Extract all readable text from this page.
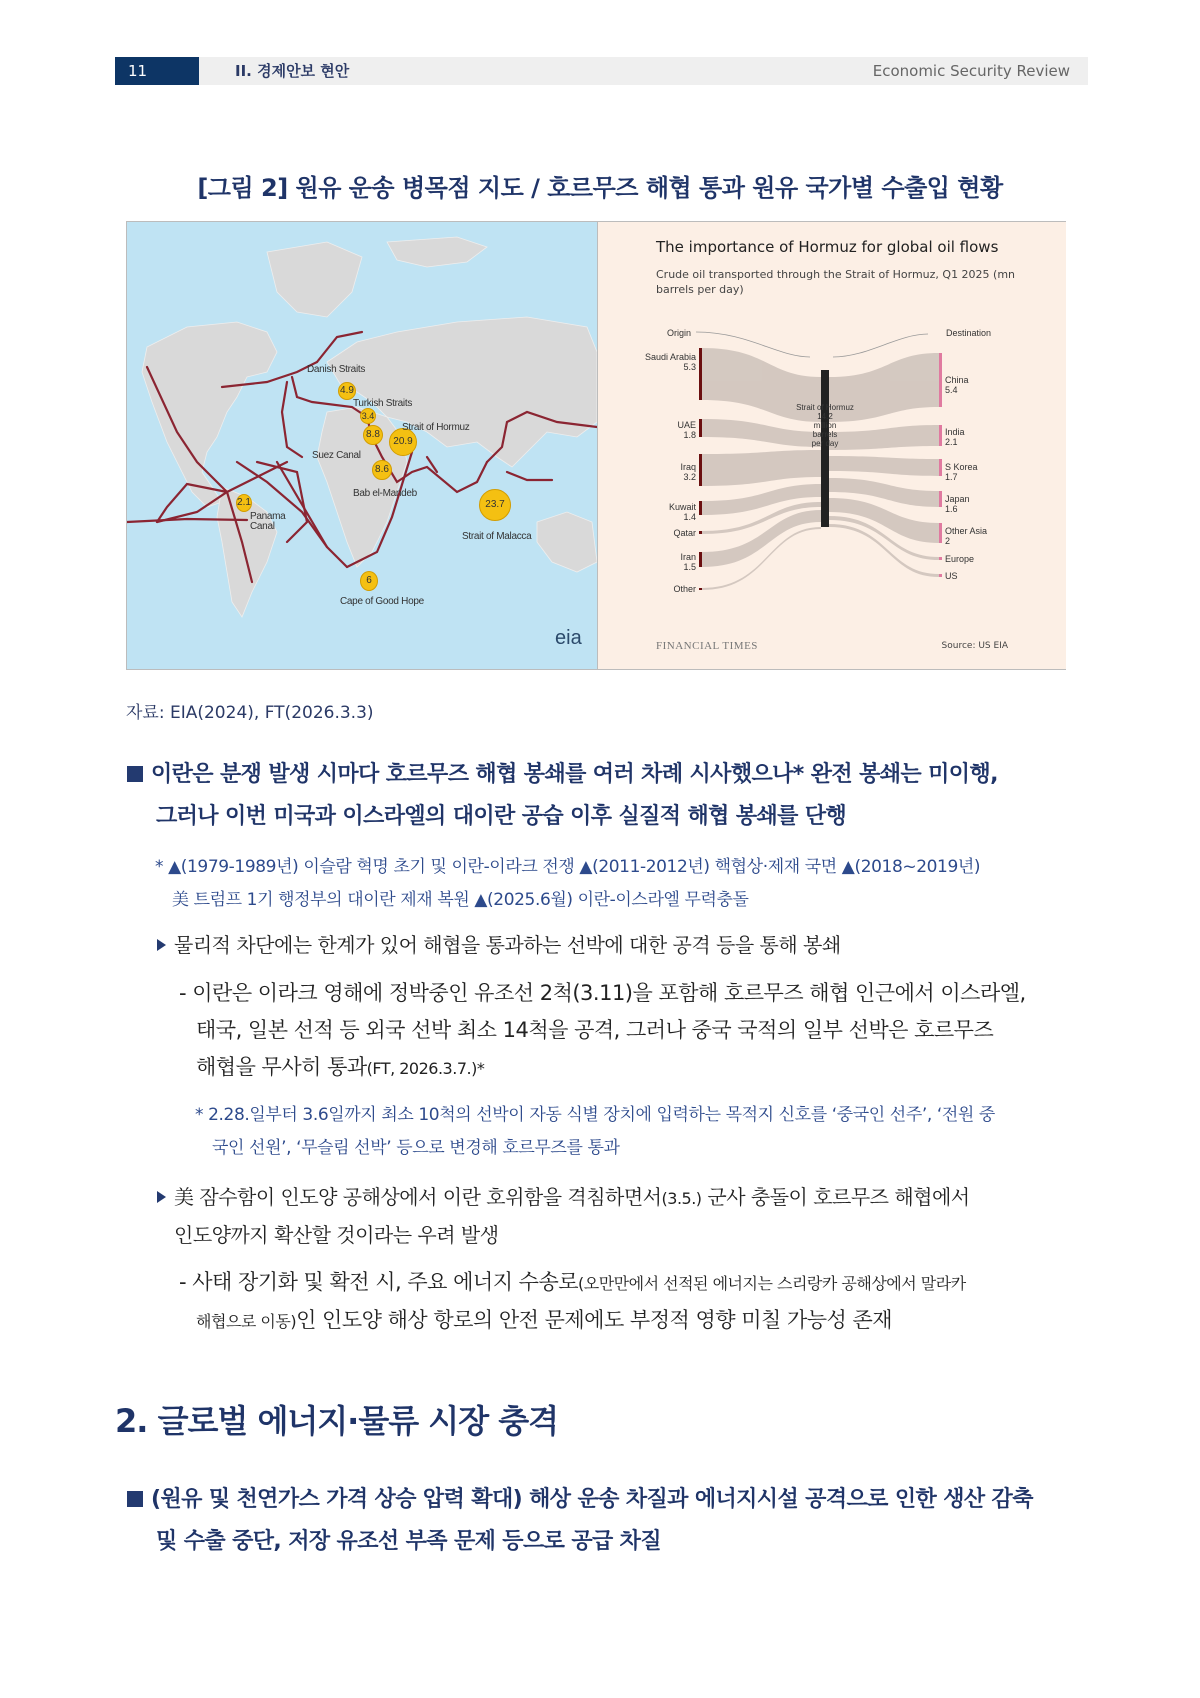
11	II. 경제안보 현안	Economic Security Review
[그림 2] 원유 운송 병목점 지도 / 호르무즈 해협 통과 원유 국가별 수출입 현황
4.9
Danish Straits
3.4
Turkish Straits
8.8
Suez Canal
20.9
Strait of Hormuz
8.6
Bab el-Mandeb
2.1
Panama Canal
23.7
Strait of Malacca
6
Cape of Good Hope
eia
The importance of Hormuz for global oil flows
Crude oil transported through the Strait of Hormuz, Q1 2025 (mn barrels per day)
Origin	Destination
Saudi Arabia
5.3
UAE
1.8
Iraq
3.2
Kuwait
1.4
Qatar
Iran
1.5
Other
China
5.4
India
2.1
S Korea
1.7
Japan
1.6
Other Asia
2
Europe
US
Strait of Hormuz
14.2
million
barrels
per day
FINANCIAL TIMES	Source: US EIA
자료: EIA(2024), FT(2026.3.3)
이란은 분쟁 발생 시마다 호르무즈 해협 봉쇄를 여러 차례 시사했으나* 완전 봉쇄는 미이행,
그러나 이번 미국과 이스라엘의 대이란 공습 이후 실질적 해협 봉쇄를 단행
* ▲(1979-1989년) 이슬람 혁명 초기 및 이란-이라크 전쟁 ▲(2011-2012년) 핵협상·제재 국면 ▲(2018~2019년)
美 트럼프 1기 행정부의 대이란 제재 복원 ▲(2025.6월) 이란-이스라엘 무력충돌
물리적 차단에는 한계가 있어 해협을 통과하는 선박에 대한 공격 등을 통해 봉쇄
- 이란은 이라크 영해에 정박중인 유조선 2척(3.11)을 포함해 호르무즈 해협 인근에서 이스라엘,
태국, 일본 선적 등 외국 선박 최소 14척을 공격, 그러나 중국 국적의 일부 선박은 호르무즈
해협을 무사히 통과(FT, 2026.3.7.)*
* 2.28.일부터 3.6일까지 최소 10척의 선박이 자동 식별 장치에 입력하는 목적지 신호를 ‘중국인 선주’, ‘전원 중
국인 선원’, ‘무슬림 선박’ 등으로 변경해 호르무즈를 통과
美 잠수함이 인도양 공해상에서 이란 호위함을 격침하면서(3.5.) 군사 충돌이 호르무즈 해협에서
인도양까지 확산할 것이라는 우려 발생
- 사태 장기화 및 확전 시, 주요 에너지 수송로(오만만에서 선적된 에너지는 스리랑카 공해상에서 말라카
해협으로 이동)인 인도양 해상 항로의 안전 문제에도 부정적 영향 미칠 가능성 존재
2. 글로벌 에너지·물류 시장 충격
(원유 및 천연가스 가격 상승 압력 확대) 해상 운송 차질과 에너지시설 공격으로 인한 생산 감축
및 수출 중단, 저장 유조선 부족 문제 등으로 공급 차질
